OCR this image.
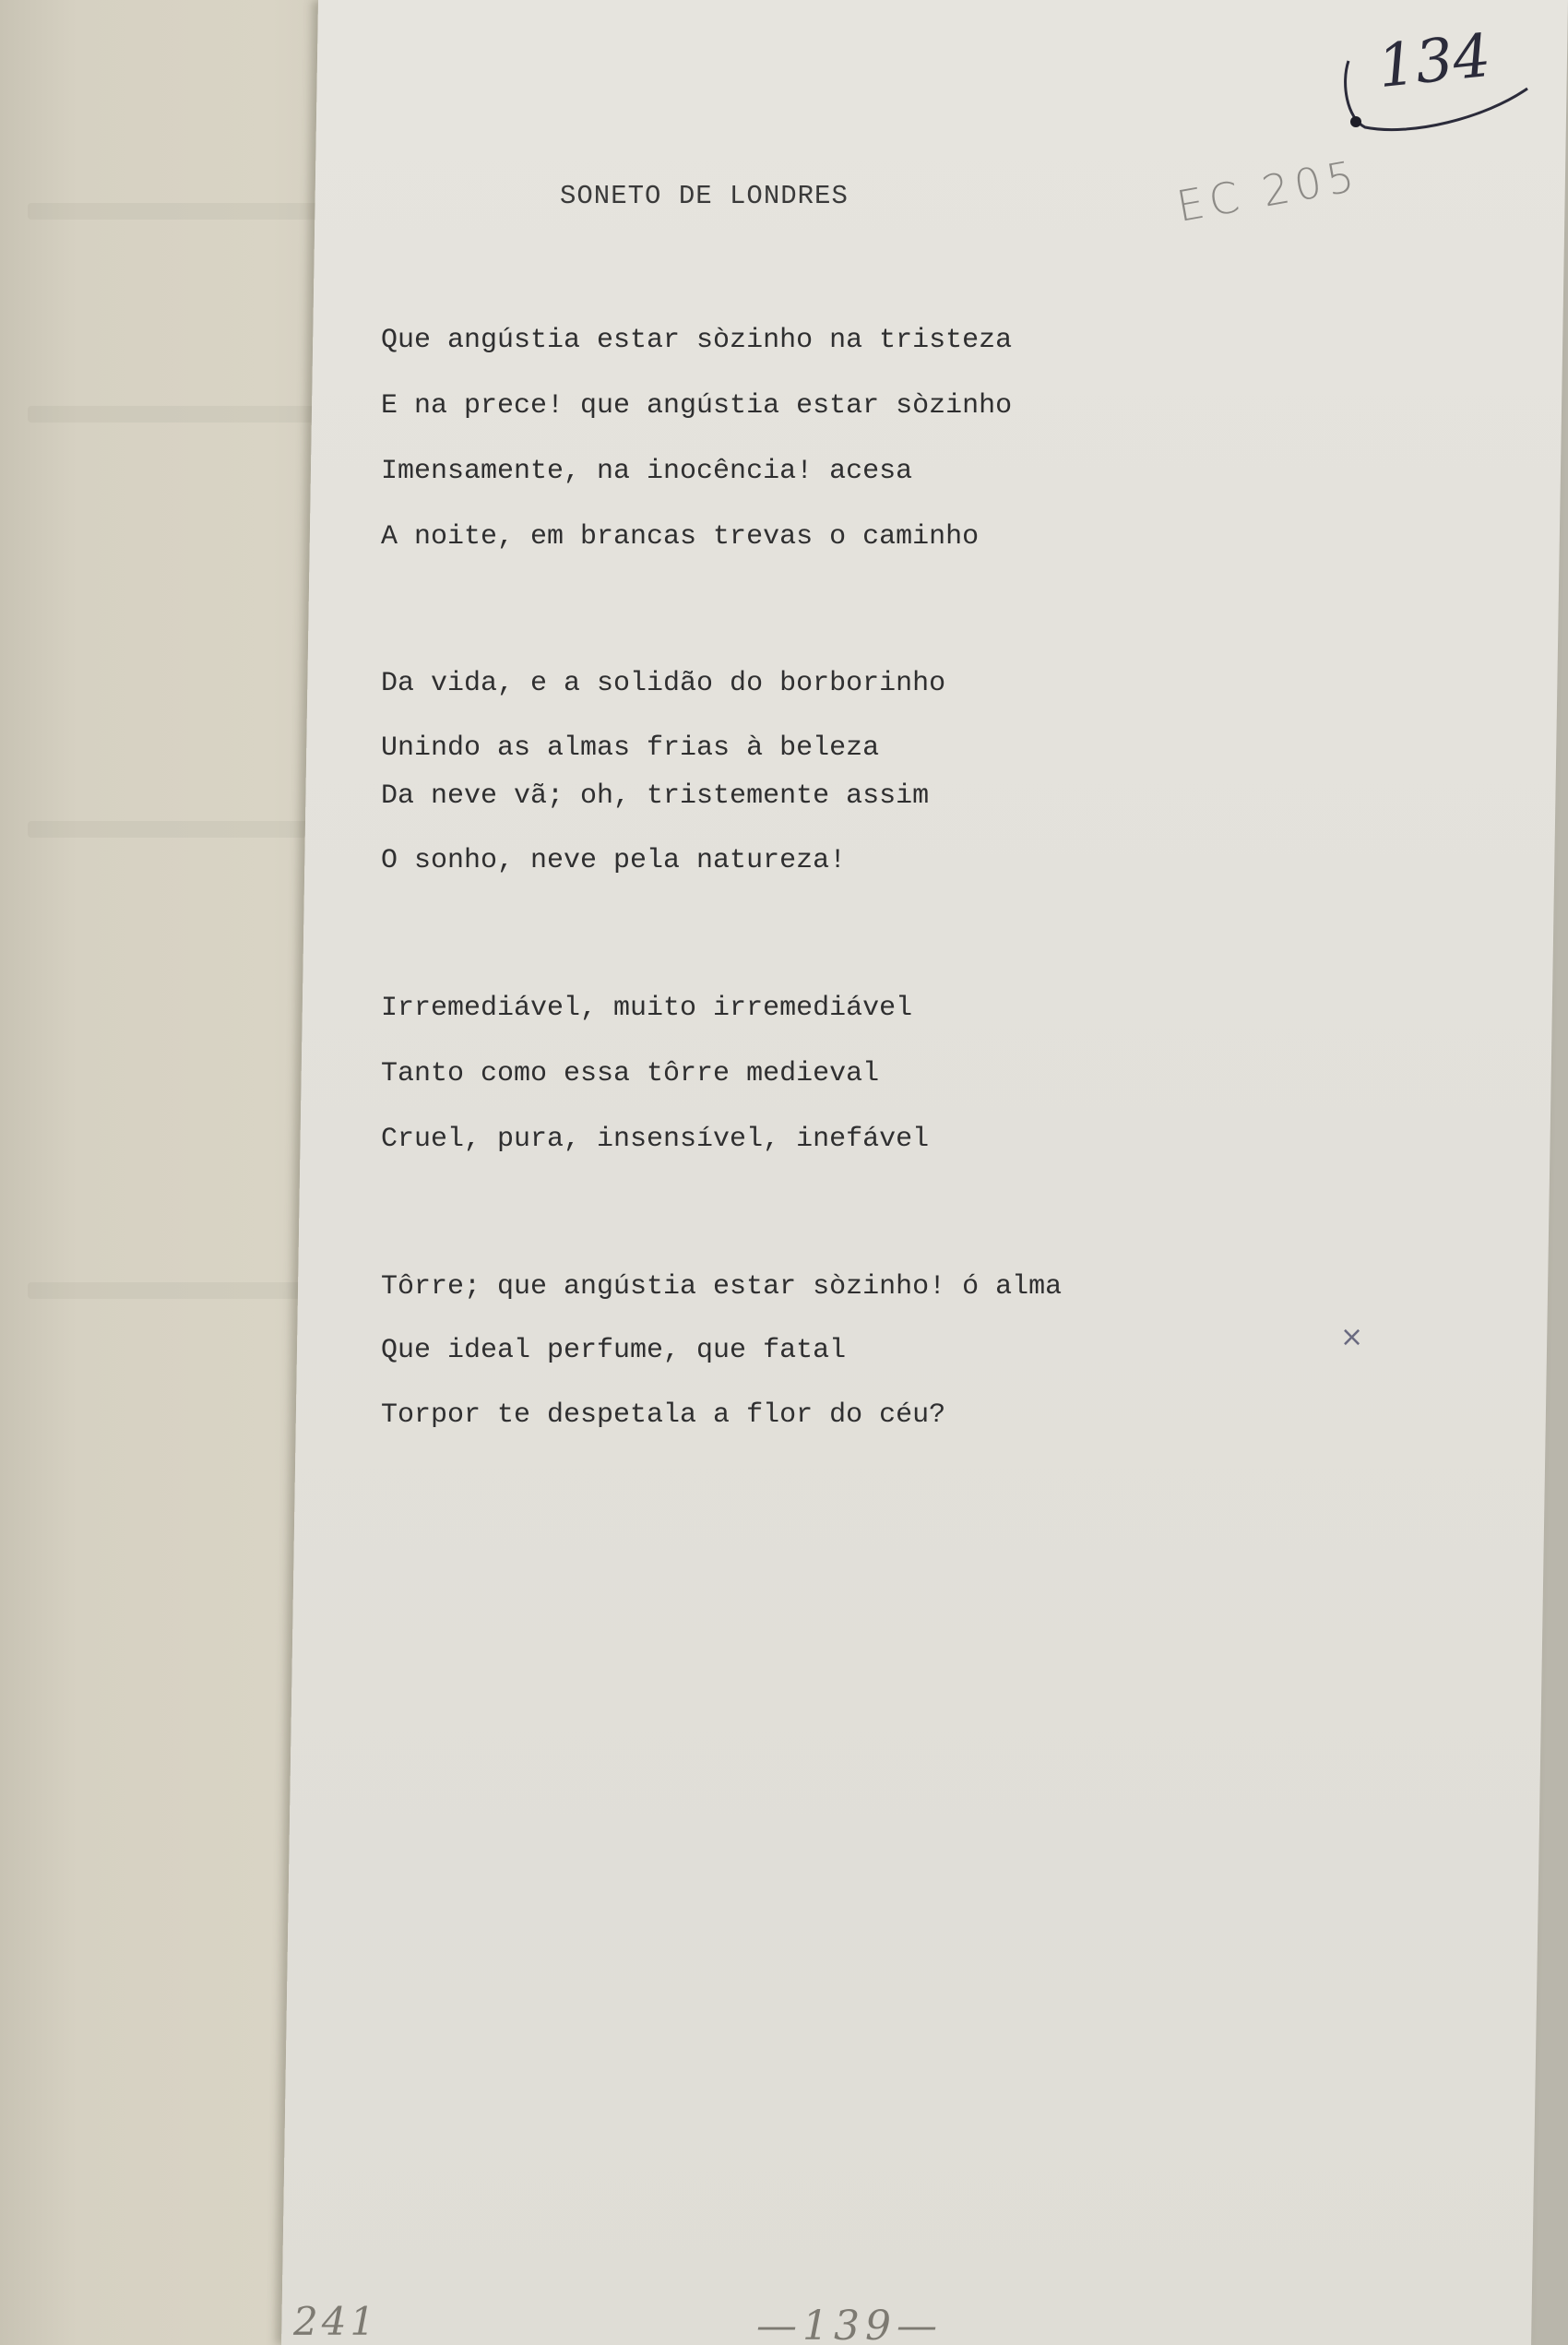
134
EC 205
SONETO DE LONDRES
Que angústia estar sòzinho na tristeza
E na prece! que angústia estar sòzinho
Imensamente, na inocência! acesa
A noite, em brancas trevas o caminho
Da vida, e a solidão do borborinho
Unindo as almas frias à beleza
Da neve vã; oh, tristemente assim
O sonho, neve pela natureza!
Irremediável, muito irremediável
Tanto como essa tôrre medieval
Cruel, pura, insensível, inefável
Tôrre; que angústia estar sòzinho! ó alma
Que ideal perfume, que fatal
Torpor te despetala a flor do céu?
×
241	—139—
